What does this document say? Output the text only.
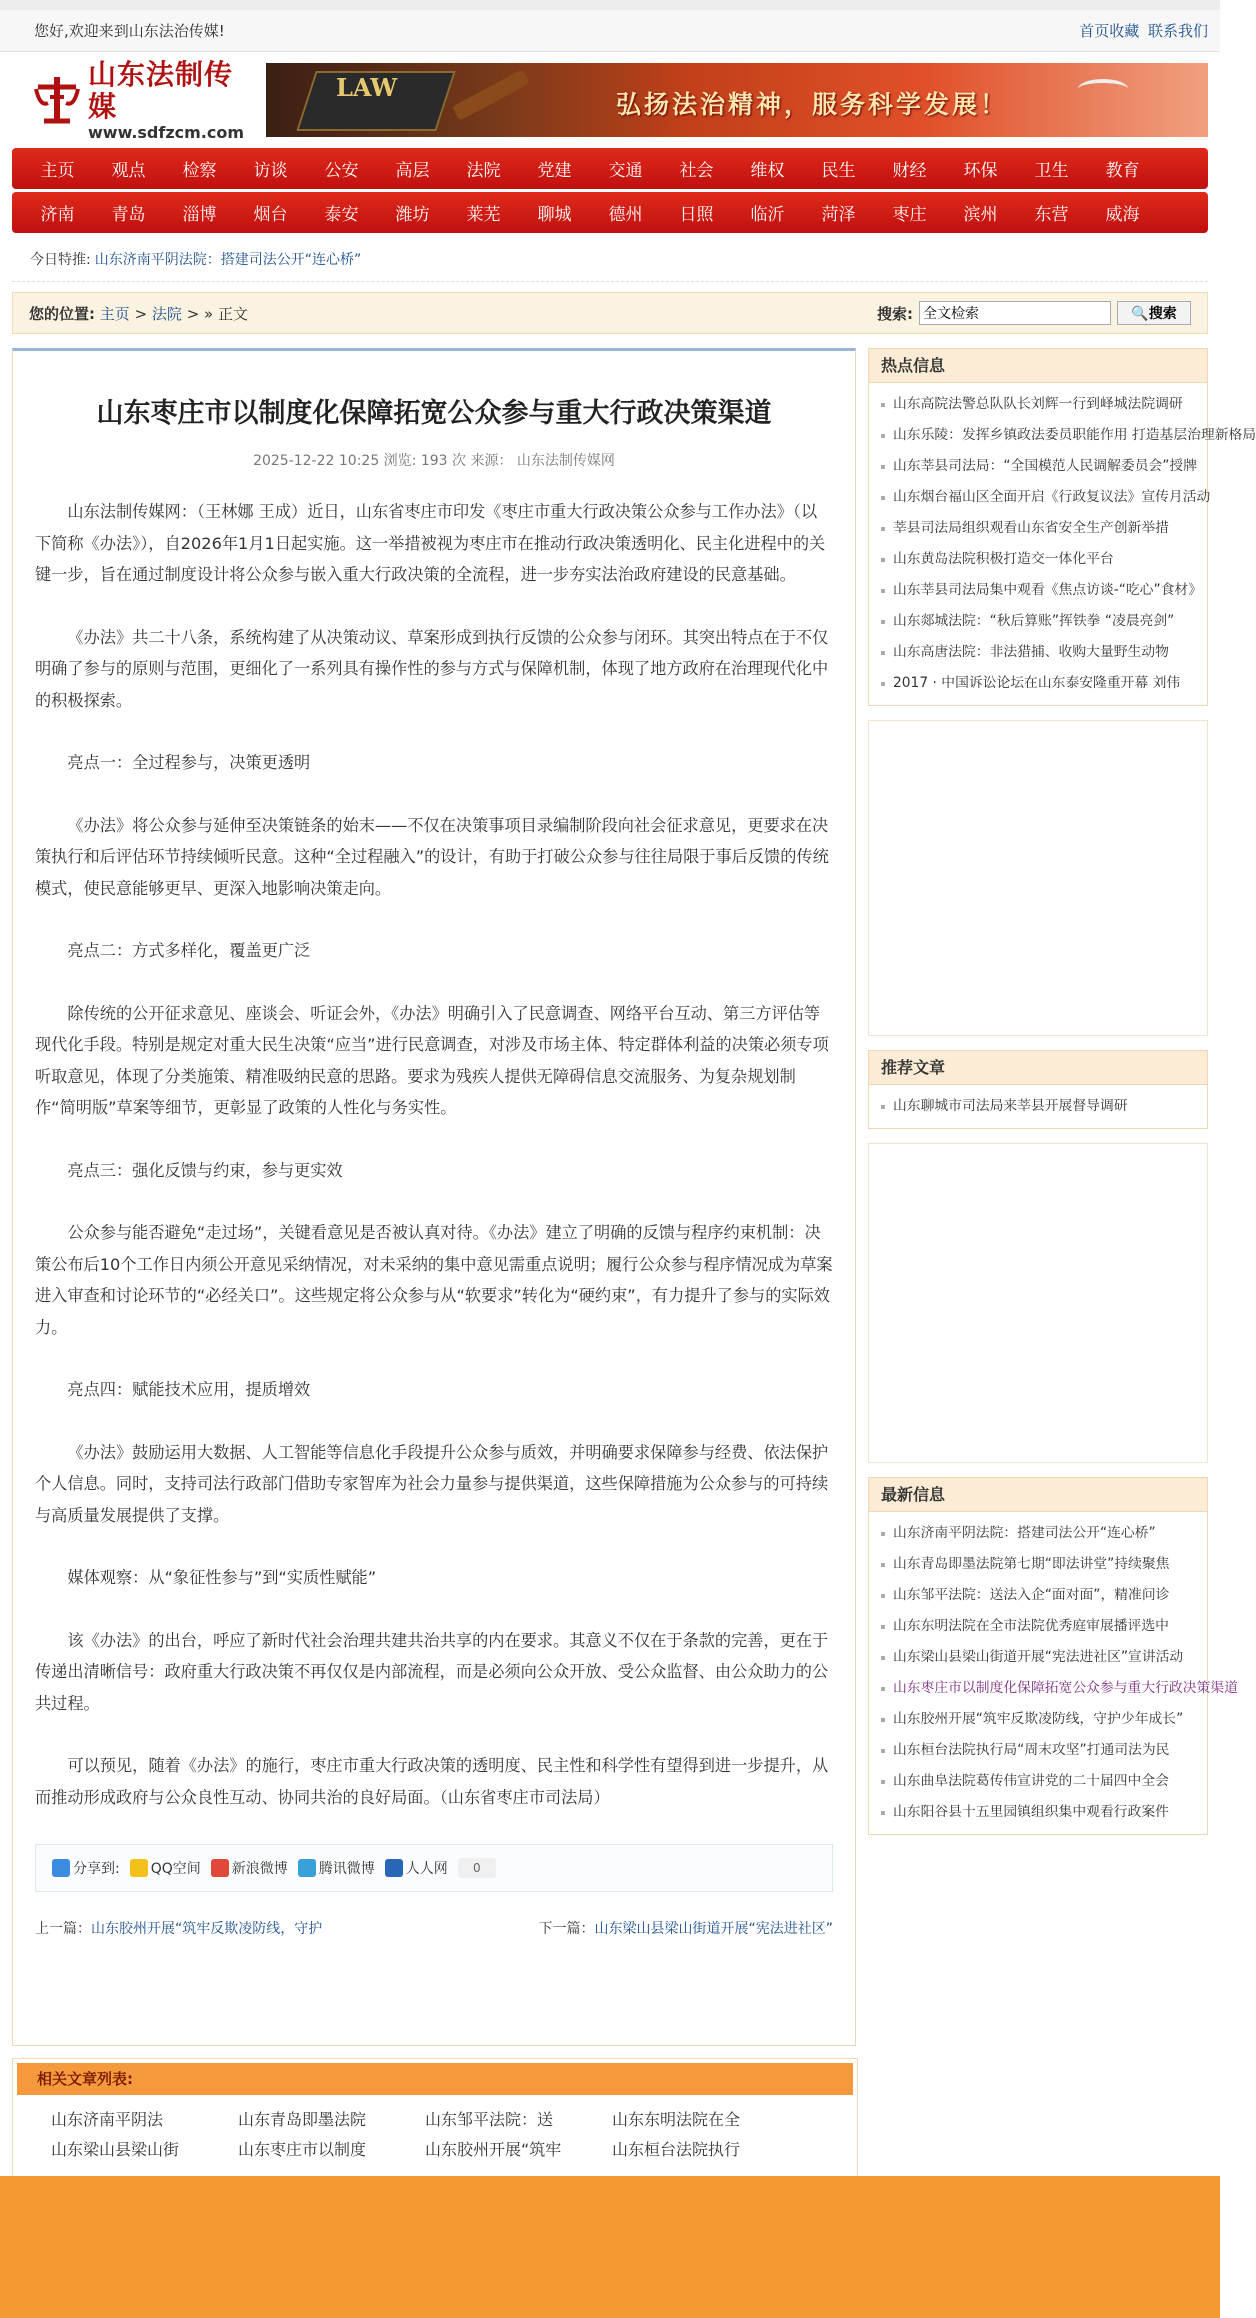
您好,欢迎来到山东法治传媒!	首页收藏 联系我们
山东法制传媒
www.sdfzcm.com
LAW
弘扬法治精神，服务科学发展！
主页	观点	检察	访谈	公安	高层	法院	党建	交通	社会	维权	民生	财经	环保	卫生	教育
济南	青岛	淄博	烟台	泰安	潍坊	莱芜	聊城	德州	日照	临沂	菏泽	枣庄	滨州	东营	威海
今日特推: 山东济南平阴法院：搭建司法公开“连心桥”
您的位置: 主页 > 法院 > » 正文	搜索:
全文检索	🔍搜索
山东枣庄市以制度化保障拓宽公众参与重大行政决策渠道
2025-12-22 10:25 浏览: 193 次 来源： 山东法制传媒网

山东法制传媒网：（王林娜 王成）近日，山东省枣庄市印发《枣庄市重大行政决策公众参与工作办法》（以下简称《办法》），自2026年1月1日起实施。这一举措被视为枣庄市在推动行政决策透明化、民主化进程中的关键一步，旨在通过制度设计将公众参与嵌入重大行政决策的全流程，进一步夯实法治政府建设的民意基础。

《办法》共二十八条，系统构建了从决策动议、草案形成到执行反馈的公众参与闭环。其突出特点在于不仅明确了参与的原则与范围，更细化了一系列具有操作性的参与方式与保障机制，体现了地方政府在治理现代化中的积极探索。

亮点一：全过程参与，决策更透明

《办法》将公众参与延伸至决策链条的始末——不仅在决策事项目录编制阶段向社会征求意见，更要求在决策执行和后评估环节持续倾听民意。这种“全过程融入”的设计，有助于打破公众参与往往局限于事后反馈的传统模式，使民意能够更早、更深入地影响决策走向。

亮点二：方式多样化，覆盖更广泛

除传统的公开征求意见、座谈会、听证会外，《办法》明确引入了民意调查、网络平台互动、第三方评估等现代化手段。特别是规定对重大民生决策“应当”进行民意调查，对涉及市场主体、特定群体利益的决策必须专项听取意见，体现了分类施策、精准吸纳民意的思路。要求为残疾人提供无障碍信息交流服务、为复杂规划制作“简明版”草案等细节，更彰显了政策的人性化与务实性。

亮点三：强化反馈与约束，参与更实效

公众参与能否避免“走过场”，关键看意见是否被认真对待。《办法》建立了明确的反馈与程序约束机制：决策公布后10个工作日内须公开意见采纳情况，对未采纳的集中意见需重点说明；履行公众参与程序情况成为草案进入审查和讨论环节的“必经关口”。这些规定将公众参与从“软要求”转化为“硬约束”，有力提升了参与的实际效力。

亮点四：赋能技术应用，提质增效

《办法》鼓励运用大数据、人工智能等信息化手段提升公众参与质效，并明确要求保障参与经费、依法保护个人信息。同时，支持司法行政部门借助专家智库为社会力量参与提供渠道，这些保障措施为公众参与的可持续与高质量发展提供了支撑。

媒体观察：从“象征性参与”到“实质性赋能”

该《办法》的出台，呼应了新时代社会治理共建共治共享的内在要求。其意义不仅在于条款的完善，更在于传递出清晰信号：政府重大行政决策不再仅仅是内部流程，而是必须向公众开放、受公众监督、由公众助力的公共过程。

可以预见，随着《办法》的施行，枣庄市重大行政决策的透明度、民主性和科学性有望得到进一步提升，从而推动形成政府与公众良性互动、协同共治的良好局面。（山东省枣庄市司法局）

分享到: QQ空间 新浪微博 腾讯微博 人人网	0
上一篇：山东胶州开展“筑牢反欺凌防线，守护	下一篇：山东梁山县梁山街道开展“宪法进社区”
热点信息
山东高院法警总队队长刘辉一行到峄城法院调研
山东乐陵：发挥乡镇政法委员职能作用 打造基层治理新格局
山东莘县司法局：“全国模范人民调解委员会”授牌
山东烟台福山区全面开启《行政复议法》宣传月活动
莘县司法局组织观看山东省安全生产创新举措
山东黄岛法院积极打造交一体化平台
山东莘县司法局集中观看《焦点访谈-“吃心”食材》
山东郯城法院：“秋后算账”挥铁拳 “凌晨亮剑”
山东高唐法院：非法猎捕、收购大量野生动物
2017 · 中国诉讼论坛在山东泰安隆重开幕 刘伟
推荐文章
山东聊城市司法局来莘县开展督导调研
最新信息
山东济南平阴法院：搭建司法公开“连心桥”
山东青岛即墨法院第七期“即法讲堂”持续聚焦
山东邹平法院：送法入企“面对面”，精准问诊
山东东明法院在全市法院优秀庭审展播评选中
山东梁山县梁山街道开展“宪法进社区”宣讲活动
山东枣庄市以制度化保障拓宽公众参与重大行政决策渠道
山东胶州开展“筑牢反欺凌防线，守护少年成长”
山东桓台法院执行局“周末攻坚”打通司法为民
山东曲阜法院葛传伟宣讲党的二十届四中全会
山东阳谷县十五里园镇组织集中观看行政案件
相关文章列表:
山东济南平阴法	山东青岛即墨法院	山东邹平法院：送	山东东明法院在全
山东梁山县梁山街	山东枣庄市以制度	山东胶州开展“筑牢	山东桓台法院执行
